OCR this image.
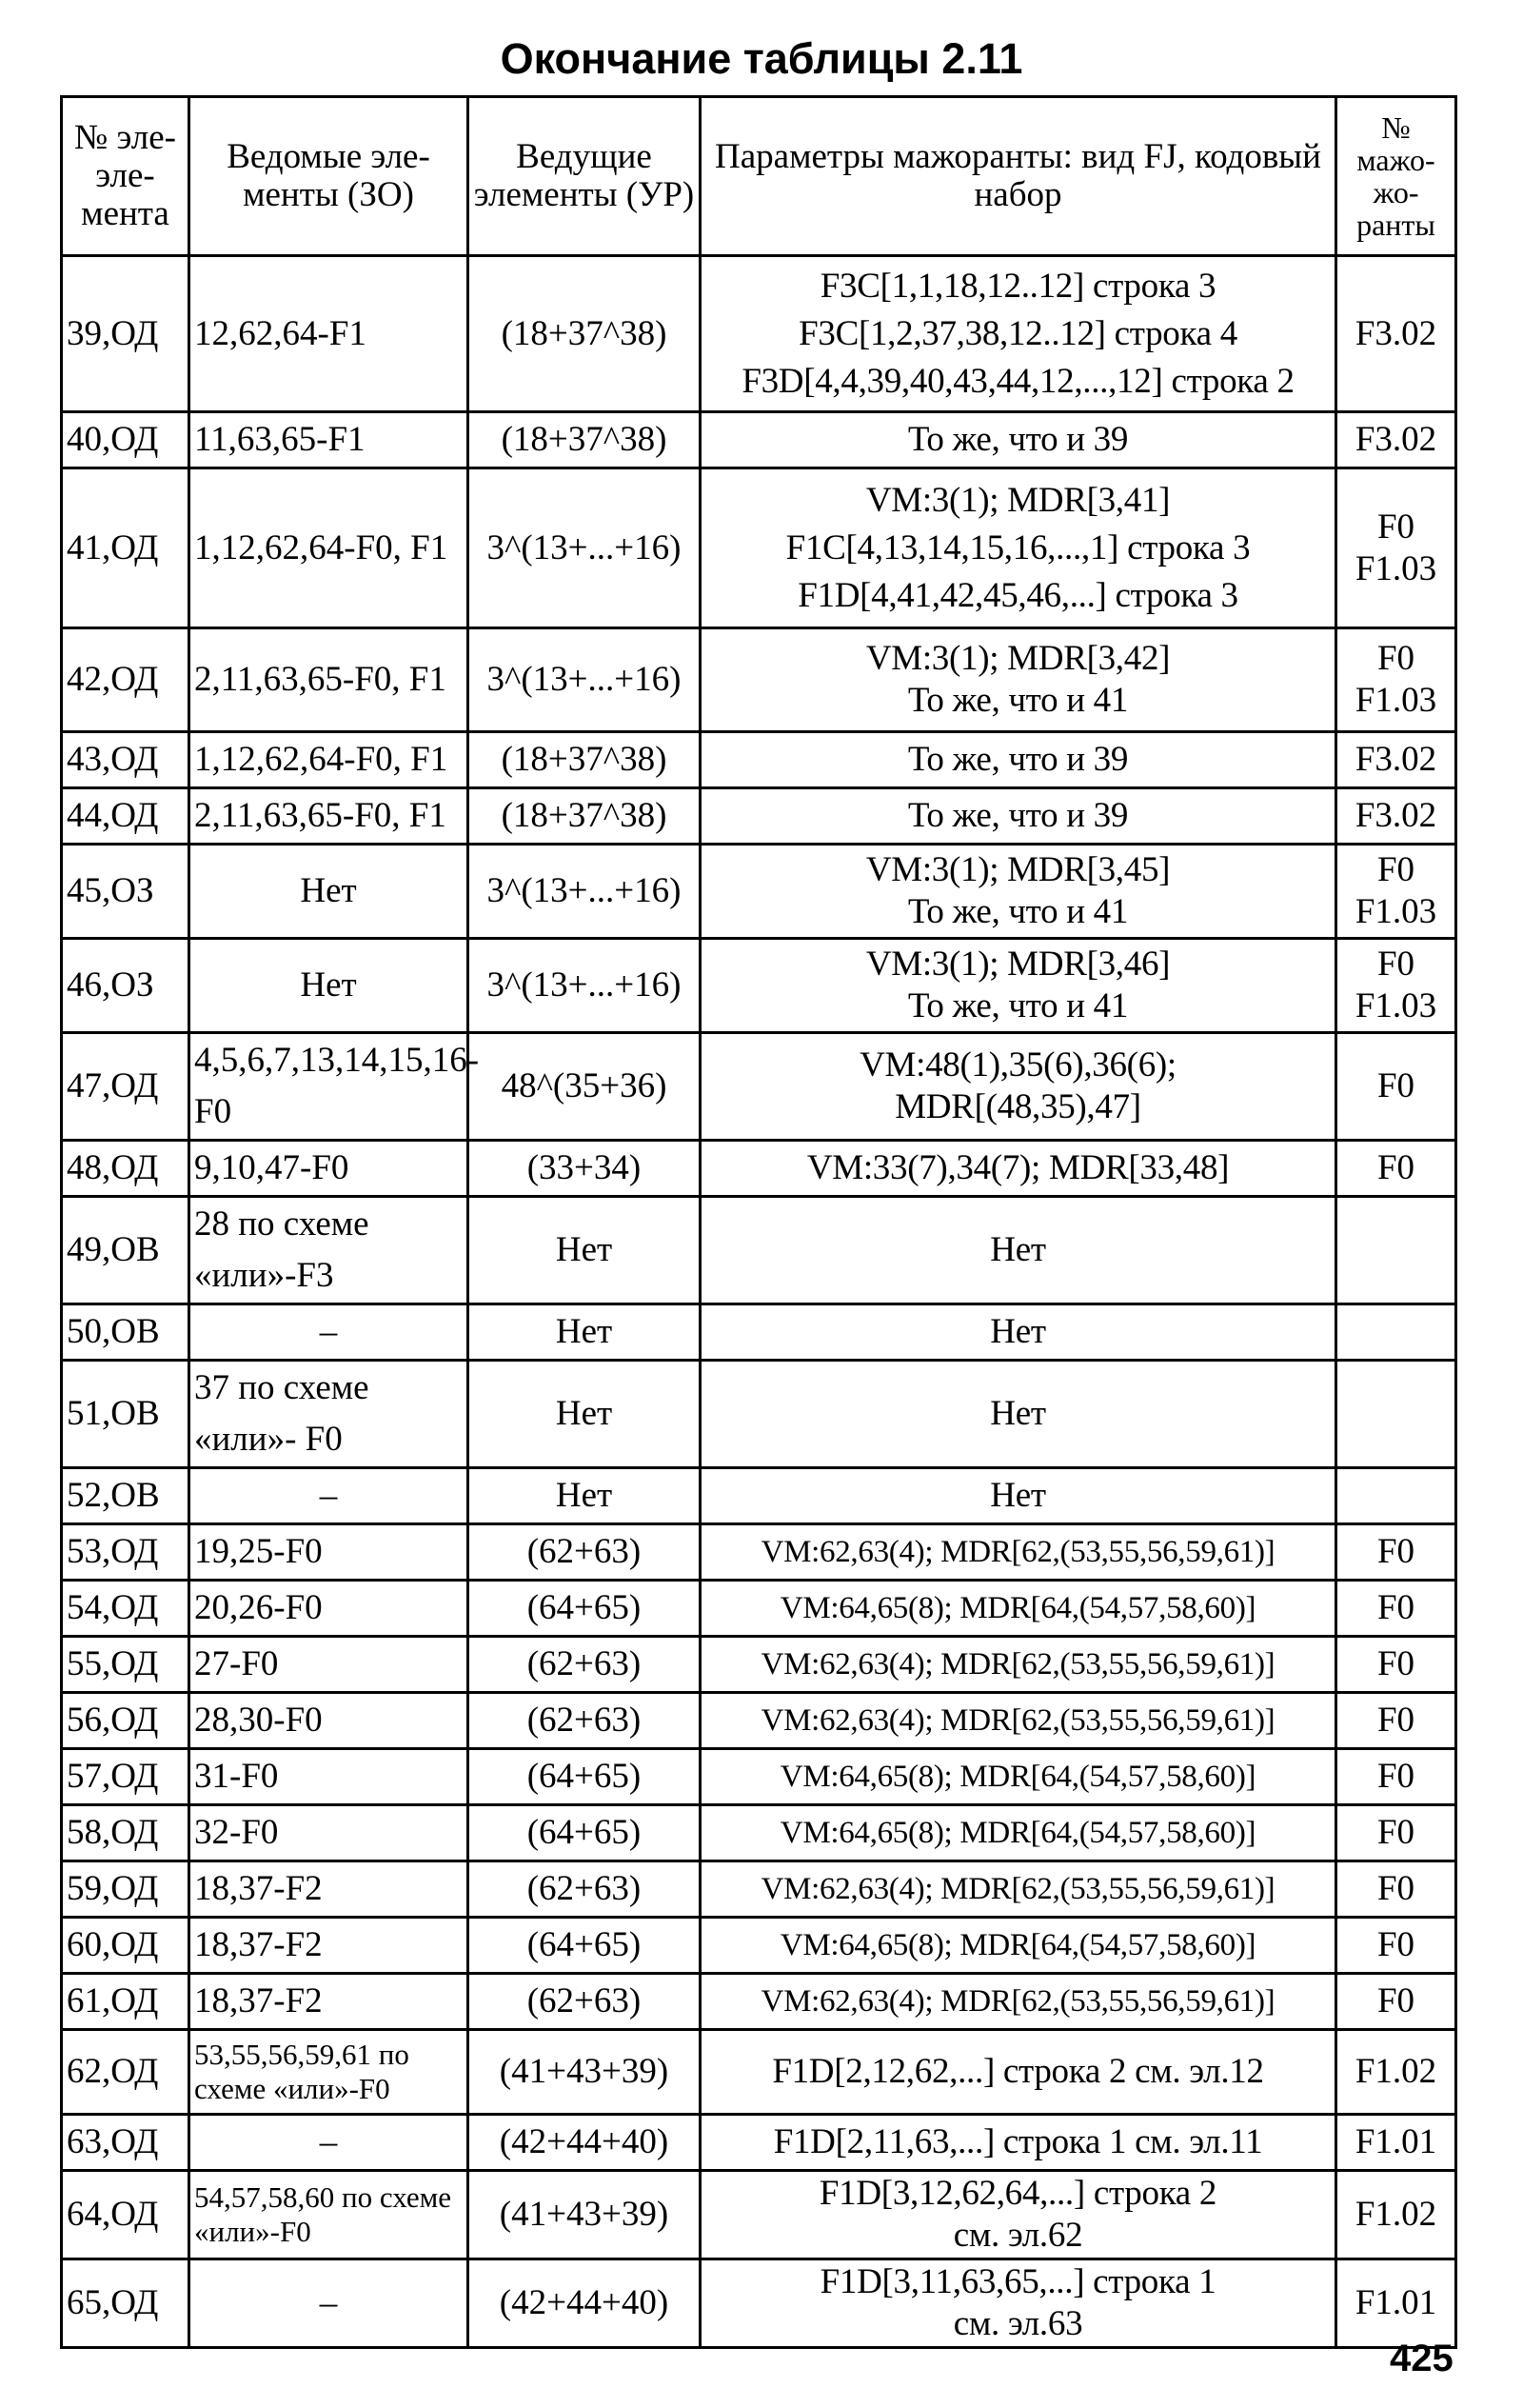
Окончание таблицы 2.11
№ эле-эле-мента	Ведомые эле-менты (ЗО)	Ведущие элементы (УР)	Параметры мажоранты: вид FJ, кодовый набор	№ мажо-жо-ранты
39,ОД	12,62,64-F1	(18+37^38)	F3C[1,1,18,12..12] строка 3
F3C[1,2,37,38,12..12] строка 4
F3D[4,4,39,40,43,44,12,...,12] строка 2	F3.02

40,ОД	11,63,65-F1	(18+37^38)	То же, что и 39	F3.02

41,ОД	1,12,62,64-F0, F1	3^(13+...+16)	VM:3(1); MDR[3,41]
F1C[4,13,14,15,16,...,1] строка 3
F1D[4,41,42,45,46,...] строка 3	F0
F1.03

42,ОД	2,11,63,65-F0, F1	3^(13+...+16)	VM:3(1); MDR[3,42]
То же, что и 41	F0
F1.03

43,ОД	1,12,62,64-F0, F1	(18+37^38)	То же, что и 39	F3.02

44,ОД	2,11,63,65-F0, F1	(18+37^38)	То же, что и 39	F3.02

45,ОЗ	Нет	3^(13+...+16)	VM:3(1); MDR[3,45]
То же, что и 41	F0
F1.03

46,ОЗ	Нет	3^(13+...+16)	VM:3(1); MDR[3,46]
То же, что и 41	F0
F1.03

47,ОД	4,5,6,7,13,14,15,16-F0	48^(35+36)	VM:48(1),35(6),36(6);
MDR[(48,35),47]	F0

48,ОД	9,10,47-F0	(33+34)	VM:33(7),34(7); MDR[33,48]	F0

49,ОВ	28 по схеме «или»-F3	Нет	Нет	

50,ОВ	–	Нет	Нет	

51,ОВ	37 по схеме «или»- F0	Нет	Нет	

52,ОВ	–	Нет	Нет	

53,ОД	19,25-F0	(62+63)	VM:62,63(4); MDR[62,(53,55,56,59,61)]	F0

54,ОД	20,26-F0	(64+65)	VM:64,65(8); MDR[64,(54,57,58,60)]	F0

55,ОД	27-F0	(62+63)	VM:62,63(4); MDR[62,(53,55,56,59,61)]	F0

56,ОД	28,30-F0	(62+63)	VM:62,63(4); MDR[62,(53,55,56,59,61)]	F0

57,ОД	31-F0	(64+65)	VM:64,65(8); MDR[64,(54,57,58,60)]	F0

58,ОД	32-F0	(64+65)	VM:64,65(8); MDR[64,(54,57,58,60)]	F0

59,ОД	18,37-F2	(62+63)	VM:62,63(4); MDR[62,(53,55,56,59,61)]	F0

60,ОД	18,37-F2	(64+65)	VM:64,65(8); MDR[64,(54,57,58,60)]	F0

61,ОД	18,37-F2	(62+63)	VM:62,63(4); MDR[62,(53,55,56,59,61)]	F0

62,ОД	53,55,56,59,61 по схеме «или»-F0	(41+43+39)	F1D[2,12,62,...] строка 2 см. эл.12	F1.02

63,ОД	–	(42+44+40)	F1D[2,11,63,...] строка 1 см. эл.11	F1.01

64,ОД	54,57,58,60 по схеме «или»-F0	(41+43+39)	F1D[3,12,62,64,...] строка 2
см. эл.62	F1.02

65,ОД	–	(42+44+40)	F1D[3,11,63,65,...] строка 1
см. эл.63	F1.01
425
